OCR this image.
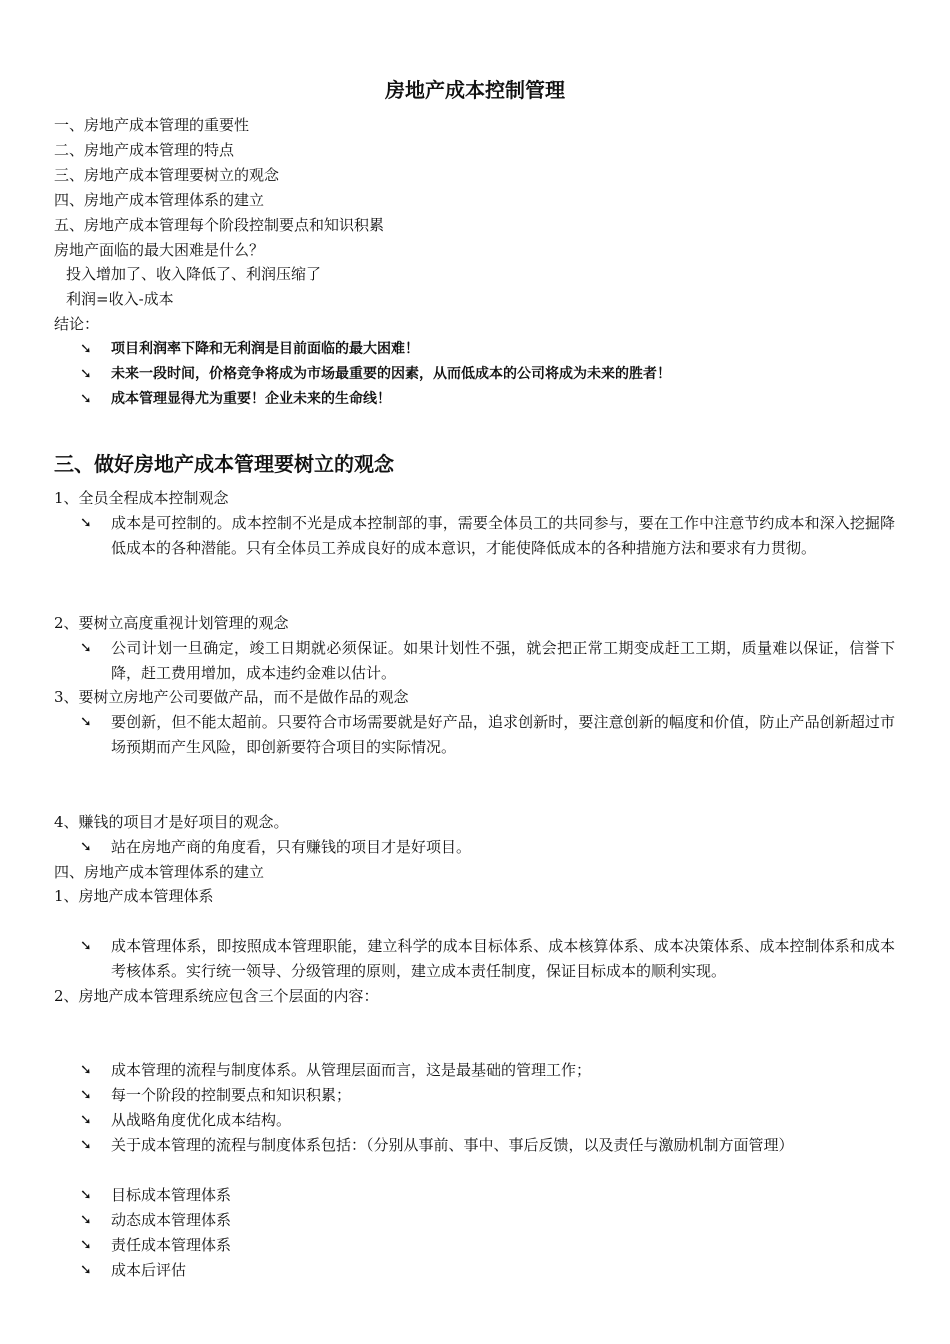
房地产成本控制管理
一、房地产成本管理的重要性
二、房地产成本管理的特点
三、房地产成本管理要树立的观念
四、房地产成本管理体系的建立
五、房地产成本管理每个阶段控制要点和知识积累
房地产面临的最大困难是什么？
投入增加了、收入降低了、利润压缩了
利润=收入-成本
结论：
➘	项目利润率下降和无利润是目前面临的最大困难！
➘	未来一段时间，价格竞争将成为市场最重要的因素，从而低成本的公司将成为未来的胜者！
➘	成本管理显得尤为重要！企业未来的生命线！
三、做好房地产成本管理要树立的观念
1、全员全程成本控制观念
➘	成本是可控制的。成本控制不光是成本控制部的事，需要全体员工的共同参与，要在工作中注意节约成本和深入挖掘降低成本的各种潜能。只有全体员工养成良好的成本意识，才能使降低成本的各种措施方法和要求有力贯彻。
2、要树立高度重视计划管理的观念
➘	公司计划一旦确定，竣工日期就必须保证。如果计划性不强，就会把正常工期变成赶工工期，质量难以保证，信誉下降，赶工费用增加，成本违约金难以估计。
3、要树立房地产公司要做产品，而不是做作品的观念
➘	要创新，但不能太超前。只要符合市场需要就是好产品，追求创新时，要注意创新的幅度和价值，防止产品创新超过市场预期而产生风险，即创新要符合项目的实际情况。
4、赚钱的项目才是好项目的观念。
➘	站在房地产商的角度看，只有赚钱的项目才是好项目。
四、房地产成本管理体系的建立
1、房地产成本管理体系
➘	成本管理体系，即按照成本管理职能，建立科学的成本目标体系、成本核算体系、成本决策体系、成本控制体系和成本考核体系。实行统一领导、分级管理的原则，建立成本责任制度，保证目标成本的顺利实现。
2、房地产成本管理系统应包含三个层面的内容：
➘	成本管理的流程与制度体系。从管理层面而言，这是最基础的管理工作；
➘	每一个阶段的控制要点和知识积累；
➘	从战略角度优化成本结构。
➘	关于成本管理的流程与制度体系包括：（分别从事前、事中、事后反馈，以及责任与激励机制方面管理）
➘	目标成本管理体系
➘	动态成本管理体系
➘	责任成本管理体系
➘	成本后评估
